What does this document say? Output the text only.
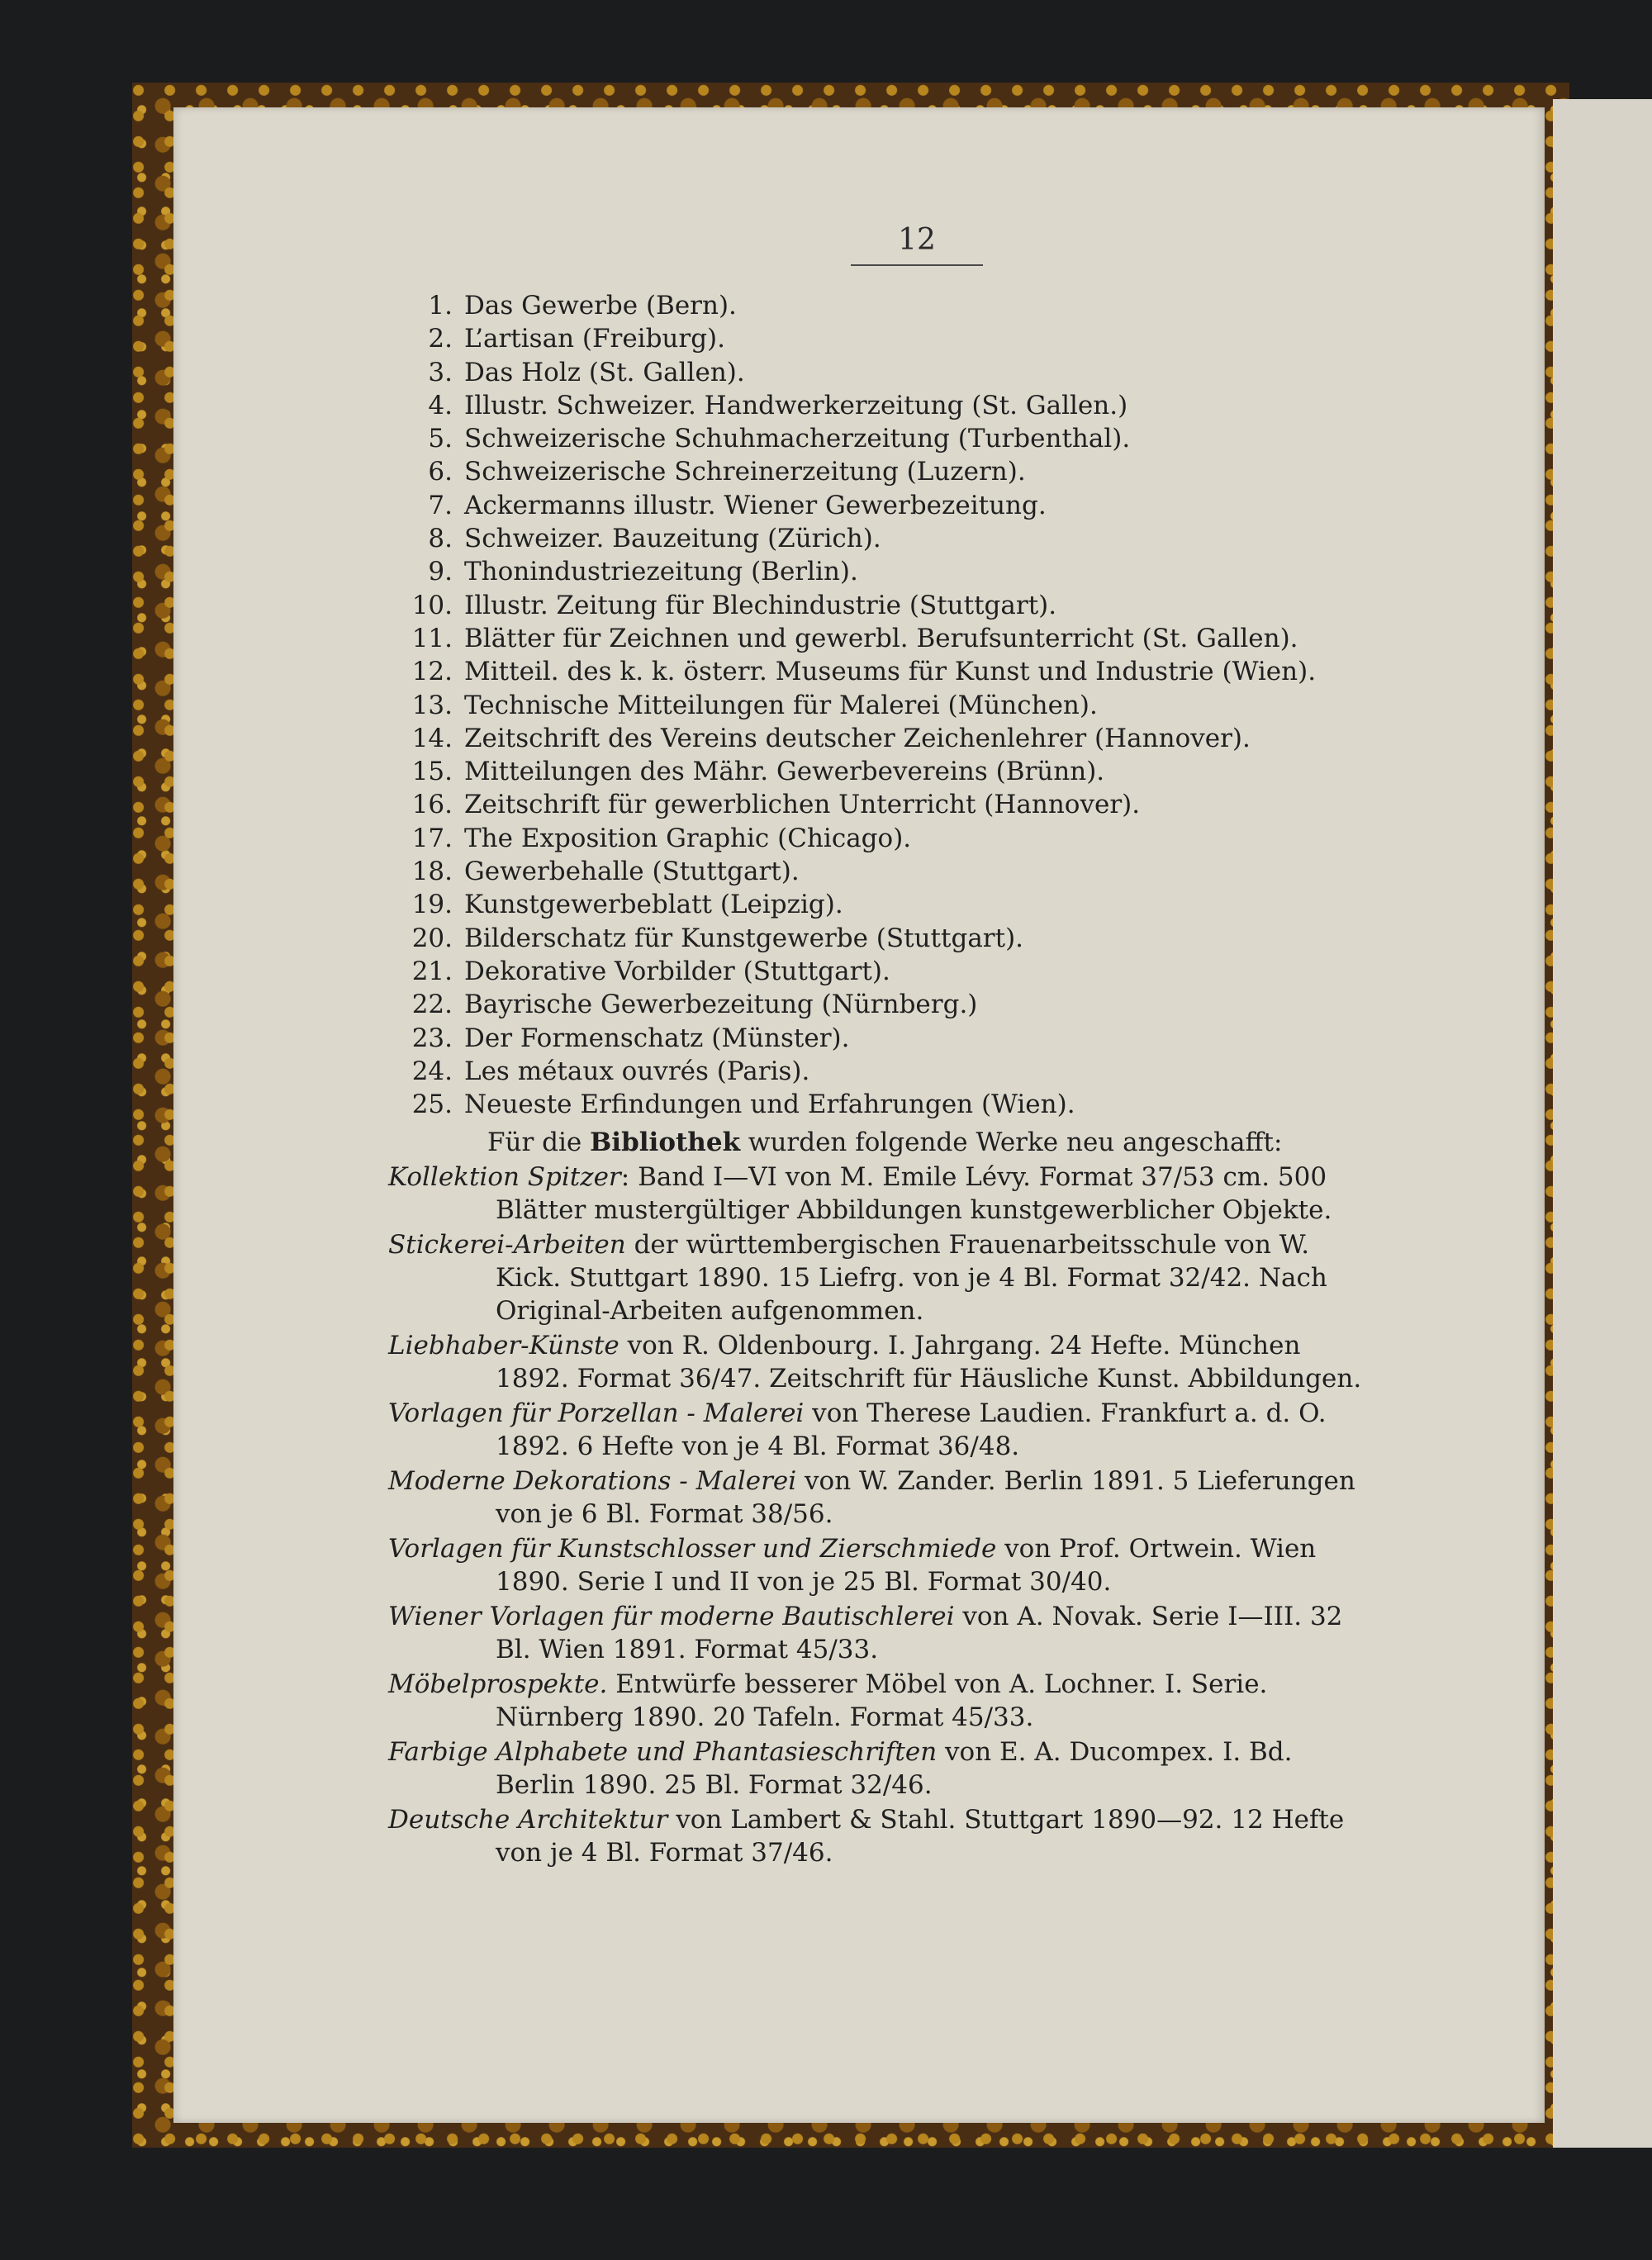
12
1. Das Gewerbe (Bern).
2. L’artisan (Freiburg).
3. Das Holz (St. Gallen).
4. Illustr. Schweizer. Handwerkerzeitung (St. Gallen.)
5. Schweizerische Schuhmacherzeitung (Turbenthal).
6. Schweizerische Schreinerzeitung (Luzern).
7. Ackermanns illustr. Wiener Gewerbezeitung.
8. Schweizer. Bauzeitung (Zürich).
9. Thonindustriezeitung (Berlin).
10. Illustr. Zeitung für Blechindustrie (Stuttgart).
11. Blätter für Zeichnen und gewerbl. Berufsunterricht (St. Gallen).
12. Mitteil. des k. k. österr. Museums für Kunst und Industrie (Wien).
13. Technische Mitteilungen für Malerei (München).
14. Zeitschrift des Vereins deutscher Zeichenlehrer (Hannover).
15. Mitteilungen des Mähr. Gewerbevereins (Brünn).
16. Zeitschrift für gewerblichen Unterricht (Hannover).
17. The Exposition Graphic (Chicago).
18. Gewerbehalle (Stuttgart).
19. Kunstgewerbeblatt (Leipzig).
20. Bilderschatz für Kunstgewerbe (Stuttgart).
21. Dekorative Vorbilder (Stuttgart).
22. Bayrische Gewerbezeitung (Nürnberg.)
23. Der Formenschatz (Münster).
24. Les métaux ouvrés (Paris).
25. Neueste Erfindungen und Erfahrungen (Wien).
Für die Bibliothek wurden folgende Werke neu angeschafft:

Kollektion Spitzer: Band I—VI von M. Emile Lévy. Format 37/53 cm. 500 Blätter mustergültiger Abbildungen kunstgewerblicher Objekte.

Stickerei-Arbeiten der württembergischen Frauenarbeitsschule von W. Kick. Stuttgart 1890. 15 Liefrg. von je 4 Bl. Format 32/42. Nach Original-Arbeiten aufgenommen.

Liebhaber-Künste von R. Oldenbourg. I. Jahrgang. 24 Hefte. München 1892. Format 36/47. Zeitschrift für Häusliche Kunst. Abbildungen.

Vorlagen für Porzellan - Malerei von Therese Laudien. Frankfurt a. d. O. 1892. 6 Hefte von je 4 Bl. Format 36/48.

Moderne Dekorations - Malerei von W. Zander. Berlin 1891. 5 Lieferungen von je 6 Bl. Format 38/56.

Vorlagen für Kunstschlosser und Zierschmiede von Prof. Ortwein. Wien 1890. Serie I und II von je 25 Bl. Format 30/40.

Wiener Vorlagen für moderne Bautischlerei von A. Novak. Serie I—III. 32 Bl. Wien 1891. Format 45/33.

Möbelprospekte. Entwürfe besserer Möbel von A. Lochner. I. Serie. Nürnberg 1890. 20 Tafeln. Format 45/33.

Farbige Alphabete und Phantasieschriften von E. A. Ducompex. I. Bd. Berlin 1890. 25 Bl. Format 32/46.

Deutsche Architektur von Lambert & Stahl. Stuttgart 1890—92. 12 Hefte von je 4 Bl. Format 37/46.
